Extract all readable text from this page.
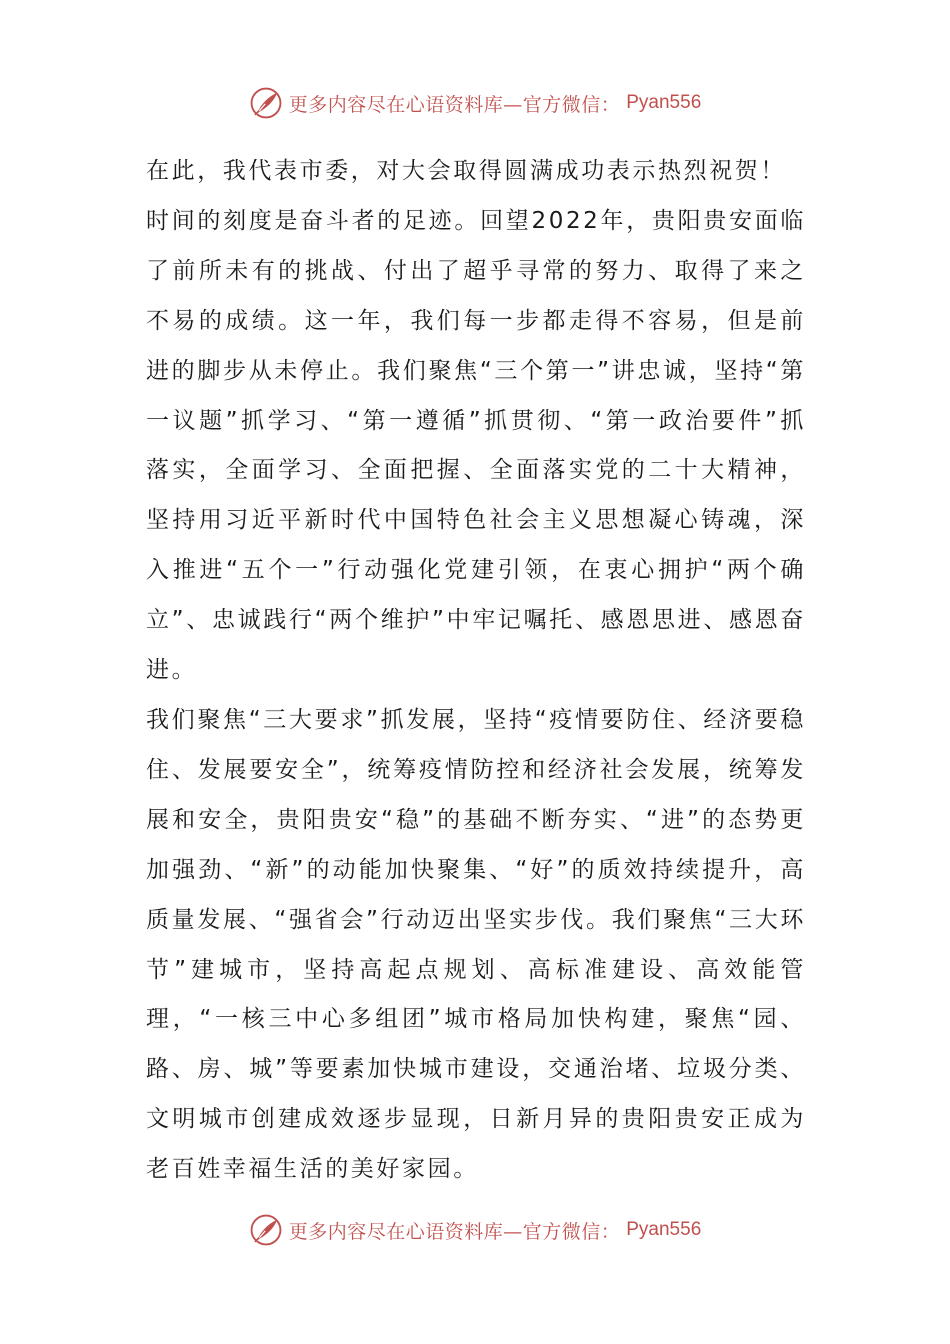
更多内容尽在心语资料库—官方微信： Pyan556

在此，我代表市委，对大会取得圆满成功表示热烈祝贺！

时间的刻度是奋斗者的足迹。回望2022年，贵阳贵安面临了前所未有的挑战、付出了超乎寻常的努力、取得了来之不易的成绩。这一年，我们每一步都走得不容易，但是前进的脚步从未停止。我们聚焦“三个第一”讲忠诚，坚持“第一议题”抓学习、“第一遵循”抓贯彻、“第一政治要件”抓落实，全面学习、全面把握、全面落实党的二十大精神，坚持用习近平新时代中国特色社会主义思想凝心铸魂，深入推进“五个一”行动强化党建引领，在衷心拥护“两个确立”、忠诚践行“两个维护”中牢记嘱托、感恩思进、感恩奋进。

我们聚焦“三大要求”抓发展，坚持“疫情要防住、经济要稳住、发展要安全”，统筹疫情防控和经济社会发展，统筹发展和安全，贵阳贵安“稳”的基础不断夯实、“进”的态势更加强劲、“新”的动能加快聚集、“好”的质效持续提升，高质量发展、“强省会”行动迈出坚实步伐。我们聚焦“三大环节”建城市，坚持高起点规划、高标准建设、高效能管理，“一核三中心多组团”城市格局加快构建，聚焦“园、路、房、城”等要素加快城市建设，交通治堵、垃圾分类、文明城市创建成效逐步显现，日新月异的贵阳贵安正成为老百姓幸福生活的美好家园。

更多内容尽在心语资料库—官方微信： Pyan556
